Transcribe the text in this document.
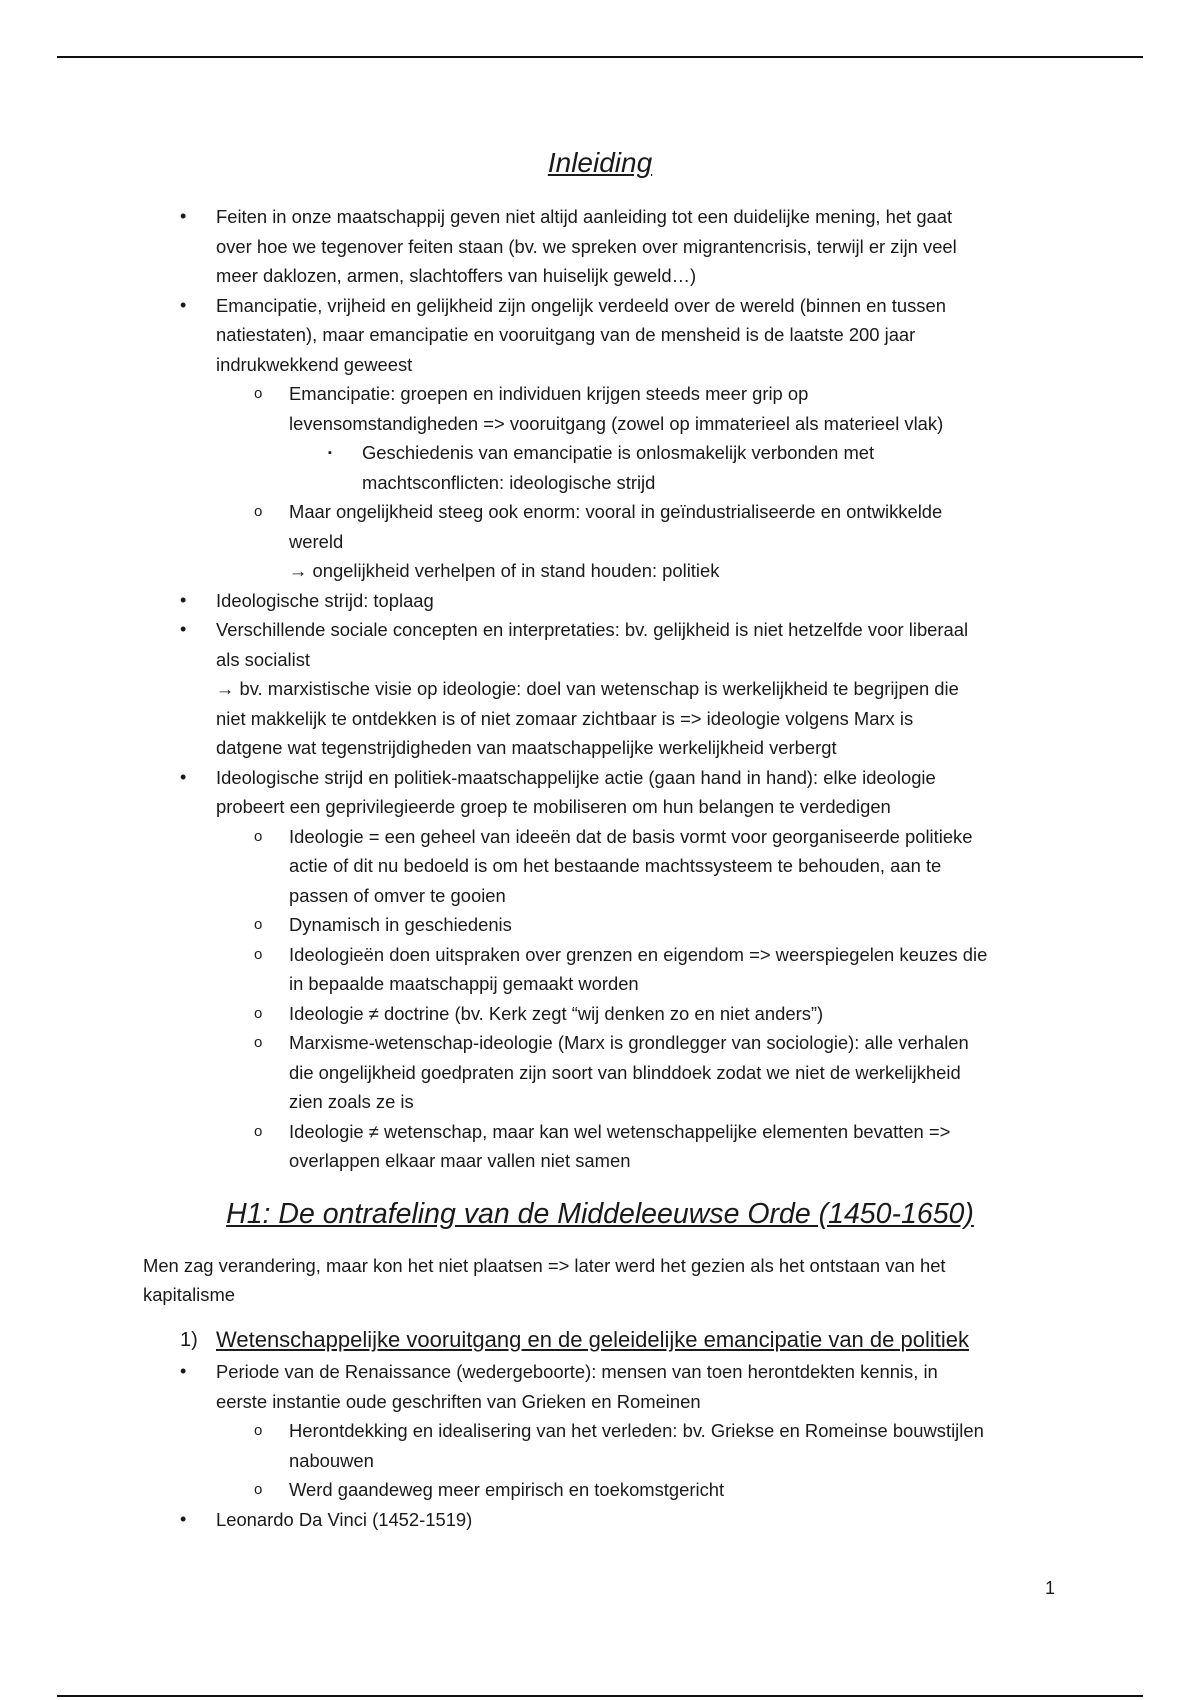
Inleiding
• Feiten in onze maatschappij geven niet altijd aanleiding tot een duidelijke mening, het gaat
over hoe we tegenover feiten staan (bv. we spreken over migrantencrisis, terwijl er zijn veel
meer daklozen, armen, slachtoffers van huiselijk geweld…)
• Emancipatie, vrijheid en gelijkheid zijn ongelijk verdeeld over de wereld (binnen en tussen
natiestaten), maar emancipatie en vooruitgang van de mensheid is de laatste 200 jaar
indrukwekkend geweest
o Emancipatie: groepen en individuen krijgen steeds meer grip op
levensomstandigheden => vooruitgang (zowel op immaterieel als materieel vlak)
▪ Geschiedenis van emancipatie is onlosmakelijk verbonden met
machtsconflicten: ideologische strijd
o Maar ongelijkheid steeg ook enorm: vooral in geïndustrialiseerde en ontwikkelde
wereld
→ ongelijkheid verhelpen of in stand houden: politiek
• Ideologische strijd: toplaag
• Verschillende sociale concepten en interpretaties: bv. gelijkheid is niet hetzelfde voor liberaal
als socialist
→ bv. marxistische visie op ideologie: doel van wetenschap is werkelijkheid te begrijpen die
niet makkelijk te ontdekken is of niet zomaar zichtbaar is => ideologie volgens Marx is
datgene wat tegenstrijdigheden van maatschappelijke werkelijkheid verbergt
• Ideologische strijd en politiek-maatschappelijke actie (gaan hand in hand): elke ideologie
probeert een geprivilegieerde groep te mobiliseren om hun belangen te verdedigen
o Ideologie = een geheel van ideeën dat de basis vormt voor georganiseerde politieke
actie of dit nu bedoeld is om het bestaande machtssysteem te behouden, aan te
passen of omver te gooien
o Dynamisch in geschiedenis
o Ideologieën doen uitspraken over grenzen en eigendom => weerspiegelen keuzes die
in bepaalde maatschappij gemaakt worden
o Ideologie ≠ doctrine (bv. Kerk zegt “wij denken zo en niet anders”)
o Marxisme-wetenschap-ideologie (Marx is grondlegger van sociologie): alle verhalen
die ongelijkheid goedpraten zijn soort van blinddoek zodat we niet de werkelijkheid
zien zoals ze is
o Ideologie ≠ wetenschap, maar kan wel wetenschappelijke elementen bevatten =>
overlappen elkaar maar vallen niet samen
H1: De ontrafeling van de Middeleeuwse Orde (1450-1650)
Men zag verandering, maar kon het niet plaatsen => later werd het gezien als het ontstaan van het
kapitalisme
1) Wetenschappelijke vooruitgang en de geleidelijke emancipatie van de politiek
• Periode van de Renaissance (wedergeboorte): mensen van toen herontdekten kennis, in
eerste instantie oude geschriften van Grieken en Romeinen
o Herontdekking en idealisering van het verleden: bv. Griekse en Romeinse bouwstijlen
nabouwen
o Werd gaandeweg meer empirisch en toekomstgericht
• Leonardo Da Vinci (1452-1519)
1
